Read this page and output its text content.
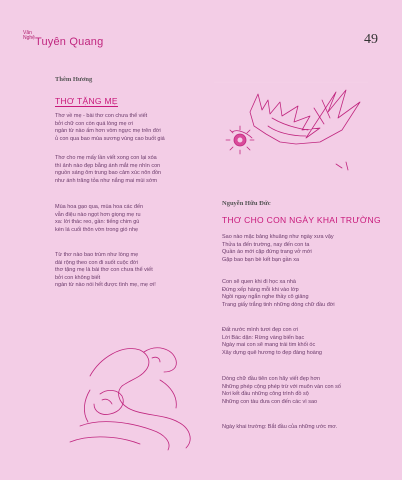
Văn
NghệTuyên Quang	49
Thêm Hương
THƠ TẶNG MẸ
Thơ về mẹ - bài thơ con chưa thể viết
bởi chữ con còn quá lòng mẹ ơi
ngàn từ nào ấm hơn vòm ngực mẹ trên đời
ủ con qua bao mùa sương vùng cao buốt giá
Thơ cho mẹ mấy lần viết xong con lại xóa
thì ảnh nào đẹp bằng ánh mắt mẹ nhìn con
nguồn sáng ôm trung bao cảm xúc nôn đồn
như ánh trăng tỏa như nắng mai mùi sớm
Mùa hoa gạo qua, mùa hoa các đến
vẫn điệu nào ngọt hơn giọng mẹ ru
xa: lời thác reo, gần: tiếng chim gù
kèn lá cuối thôn vờn trong gió nhẹ
Từ thơ nào bao trùm như lòng mẹ
dài rộng theo con đi suốt cuộc đời
thơ tặng mẹ là bài thơ con chưa thể viết
bởi con không biết
ngàn từ nào nói hết được tình mẹ, mẹ ơi!
Nguyễn Hữu Đức
THƠ CHO CON NGÀY KHAI TRƯỜNG
Sao nào mặc bảng khuâng như ngày xưa vậy
Thửa ta đến trường, nay đến con ta
Quần áo mới cặp đứng trang vở mới
Gặp bao bạn bè kết bạn gần xa
Con sẽ quen khi đi học xa nhà
Đứng xếp hàng mỗi khi vào lớp
Ngồi ngay ngắn nghe thầy cô giảng
Trang giấy trắng tinh những dòng chữ đầu đời
Đất nước mình tươi đẹp con ơi
Lời Bác dặn: Rừng vàng biển bạc
Ngày mai con sẽ mang trái tim khối óc
Xây dựng quê hương to đẹp đàng hoàng
Dòng chữ đầu tiên con hãy viết đẹp hơn
Những phép cộng phép trừ với muôn vàn con số
Nơi kết đầu những công trình đồ sộ
Những con tàu đưa con đến các vì sao
Ngày khai trường: Bắt đầu của những ước mơ.
